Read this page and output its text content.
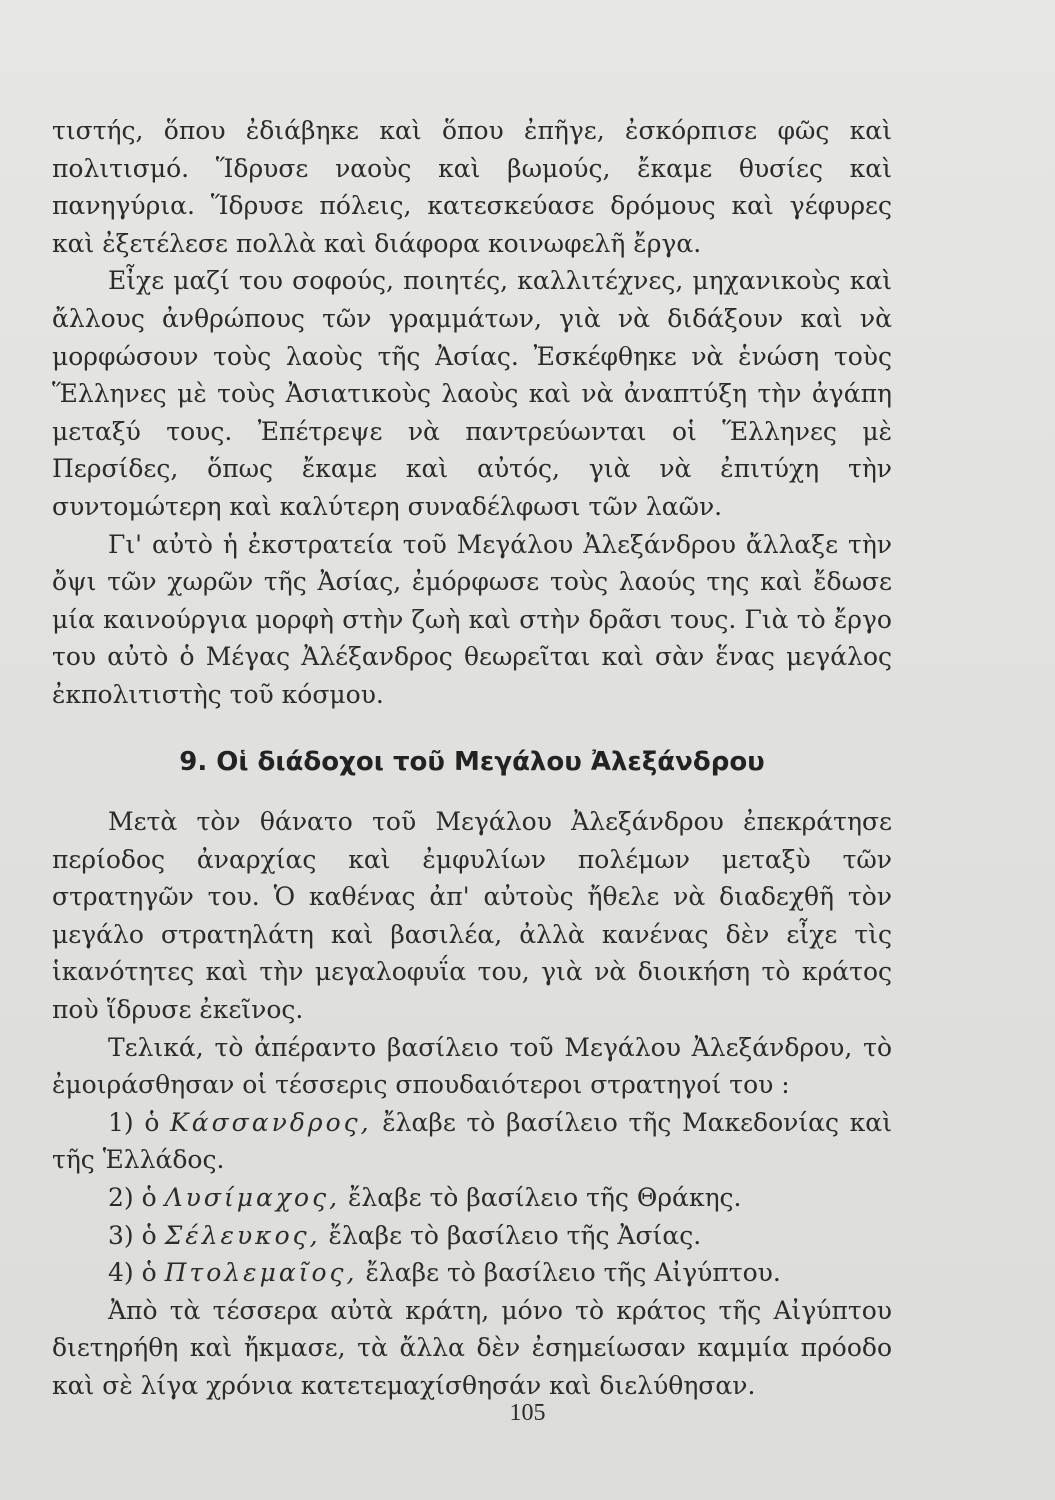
τιστής, ὅπου ἐδιάβηκε καὶ ὅπου ἐπῆγε, ἐσκόρπισε φῶς καὶ πολιτισμό. Ἵδρυσε ναοὺς καὶ βωμούς, ἔκαμε θυσίες καὶ πανηγύρια. Ἵδρυσε πόλεις, κατεσκεύασε δρόμους καὶ γέφυρες καὶ ἐξετέλεσε πολλὰ καὶ διάφορα κοινωφελῆ ἔργα.

Εἶχε μαζί του σοφούς, ποιητές, καλλιτέχνες, μηχανικοὺς καὶ ἄλλους ἀνθρώπους τῶν γραμμάτων, γιὰ νὰ διδάξουν καὶ νὰ μορφώσουν τοὺς λαοὺς τῆς Ἀσίας. Ἐσκέφθηκε νὰ ἑνώση τοὺς Ἕλληνες μὲ τοὺς Ἀσιατικοὺς λαοὺς καὶ νὰ ἀναπτύξη τὴν ἀγάπη μεταξύ τους. Ἐπέτρεψε νὰ παντρεύωνται οἱ Ἕλληνες μὲ Περσίδες, ὅπως ἔκαμε καὶ αὐτός, γιὰ νὰ ἐπιτύχη τὴν συντομώτερη καὶ καλύτερη συναδέλφωσι τῶν λαῶν.

Γι' αὐτὸ ἡ ἐκστρατεία τοῦ Μεγάλου Ἀλεξάνδρου ἄλλαξε τὴν ὄψι τῶν χωρῶν τῆς Ἀσίας, ἐμόρφωσε τοὺς λαούς της καὶ ἔδωσε μία καινούργια μορφὴ στὴν ζωὴ καὶ στὴν δρᾶσι τους. Γιὰ τὸ ἔργο του αὐτὸ ὁ Μέγας Ἀλέξανδρος θεωρεῖται καὶ σὰν ἕνας μεγάλος ἐκπολιτιστὴς τοῦ κόσμου.

9. Οἱ διάδοχοι τοῦ Μεγάλου Ἀλεξάνδρου

Μετὰ τὸν θάνατο τοῦ Μεγάλου Ἀλεξάνδρου ἐπεκράτησε περίοδος ἀναρχίας καὶ ἐμφυλίων πολέμων μεταξὺ τῶν στρατηγῶν του. Ὁ καθένας ἀπ' αὐτοὺς ἤθελε νὰ διαδεχθῆ τὸν μεγάλο στρατηλάτη καὶ βασιλέα, ἀλλὰ κανένας δὲν εἶχε τὶς ἱκανότητες καὶ τὴν μεγαλοφυΐα του, γιὰ νὰ διοικήση τὸ κράτος ποὺ ἵδρυσε ἐκεῖνος.

Τελικά, τὸ ἀπέραντο βασίλειο τοῦ Μεγάλου Ἀλεξάνδρου, τὸ ἐμοιράσθησαν οἱ τέσσερις σπουδαιότεροι στρατηγοί του :

1) ὁ Κάσσανδρος, ἔλαβε τὸ βασίλειο τῆς Μακεδονίας καὶ τῆς Ἑλλάδος.

2) ὁ Λυσίμαχος, ἔλαβε τὸ βασίλειο τῆς Θράκης.

3) ὁ Σέλευκος, ἔλαβε τὸ βασίλειο τῆς Ἀσίας.

4) ὁ Πτολεμαῖος, ἔλαβε τὸ βασίλειο τῆς Αἰγύπτου.

Ἀπὸ τὰ τέσσερα αὐτὰ κράτη, μόνο τὸ κράτος τῆς Αἰγύπτου διετηρήθη καὶ ἤκμασε, τὰ ἄλλα δὲν ἐσημείωσαν καμμία πρόοδο καὶ σὲ λίγα χρόνια κατετεμαχίσθησάν καὶ διελύθησαν.

105
